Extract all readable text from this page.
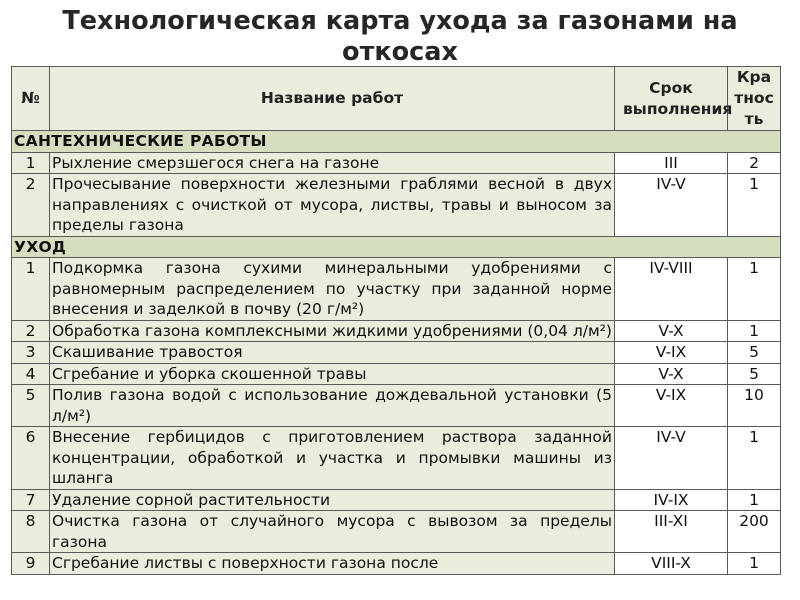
Технологическая карта ухода за газонами на откосах
№	Название работ	Срок выполнения	Кратность
САНТЕХНИЧЕСКИЕ РАБОТЫ			
1	Рыхление смерзшегося снега на газоне	III	2
2	Прочесывание поверхности железными граблями весной в двух направлениях с очисткой от мусора, листвы, травы и выносом за пределы газона	IV-V	1
УХОД			
1	Подкормка газона сухими минеральными удобрениями с равномерным распределением по участку при заданной норме внесения и заделкой в почву (20 г/м²)	IV-VIII	1
2	Обработка газона комплексными жидкими удобрениями (0,04 л/м²)	V-X	1
3	Скашивание травостоя	V-IX	5
4	Сгребание и уборка скошенной травы	V-X	5
5	Полив газона водой с использование дождевальной установки (5 л/м²)	V-IX	10
6	Внесение гербицидов с приготовлением раствора заданной концентрации, обработкой и участка и промывки машины из шланга	IV-V	1
7	Удаление сорной растительности	IV-IX	1
8	Очистка газона от случайного мусора с вывозом за пределы газона	III-XI	200
9	Сгребание листвы с поверхности газона после	VIII-X	1
